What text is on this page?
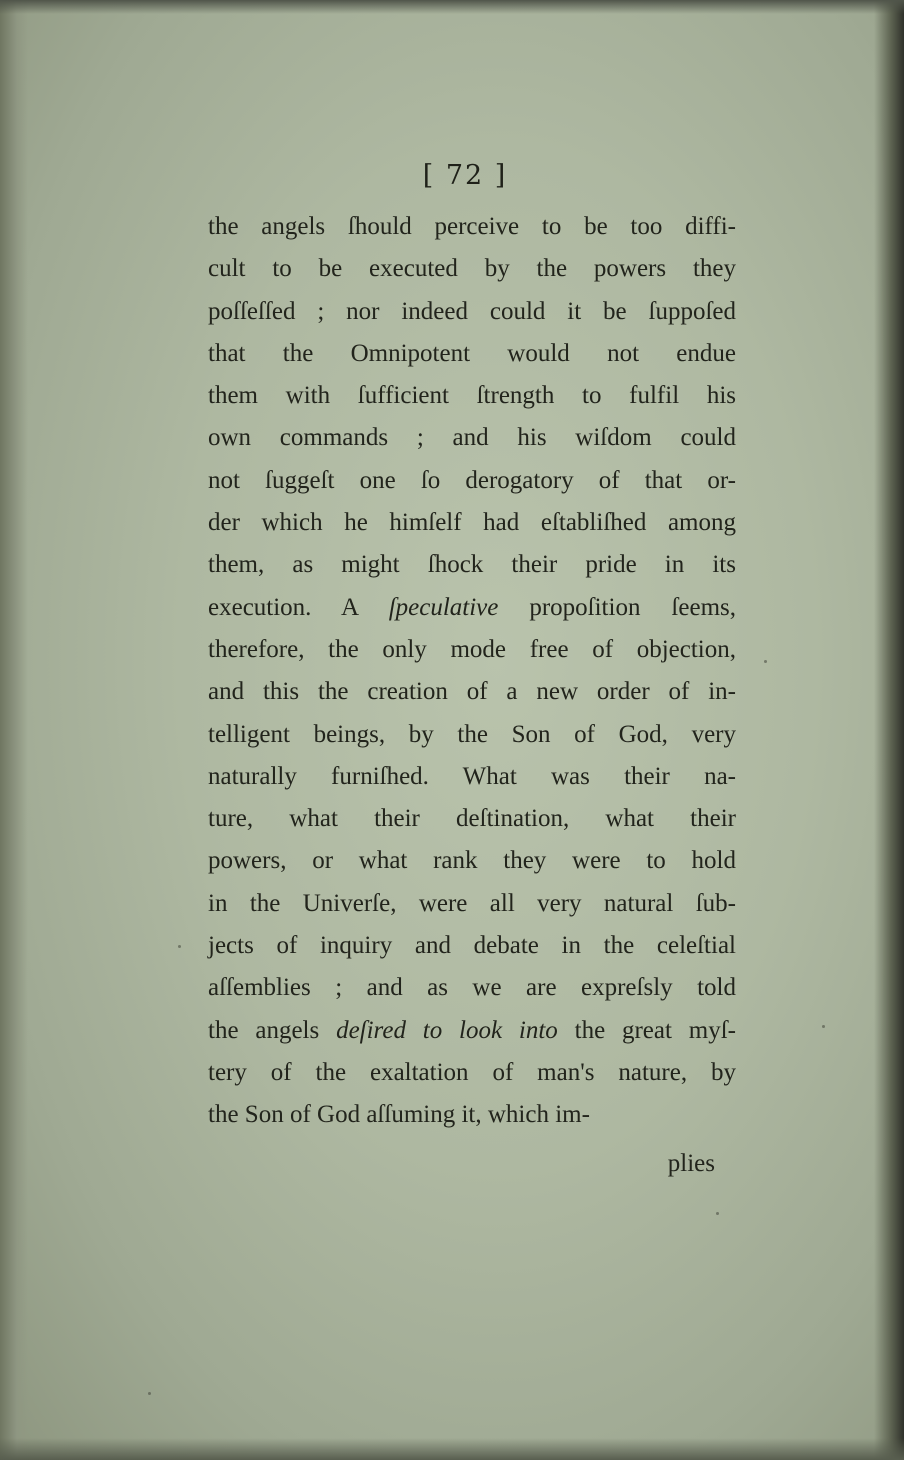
[ 72 ]
the angels ſhould perceive to be too diffi-
cult to be executed by the powers they
poſſeſſed ; nor indeed could it be ſuppoſed
that the Omnipotent would not endue
them with ſufficient ſtrength to fulfil his
own commands ; and his wiſdom could
not ſuggeſt one ſo derogatory of that or-
der which he himſelf had eſtabliſhed among
them, as might ſhock their pride in its
execution. A ſpeculative propoſition ſeems,
therefore, the only mode free of objection,
and this the creation of a new order of in-
telligent beings, by the Son of God, very
naturally furniſhed. What was their na-
ture, what their deſtination, what their
powers, or what rank they were to hold
in the Univerſe, were all very natural ſub-
jects of inquiry and debate in the celeſtial
aſſemblies ; and as we are expreſsly told
the angels deſired to look into the great myſ-
tery of the exaltation of man's nature, by
the Son of God aſſuming it, which im-
plies
